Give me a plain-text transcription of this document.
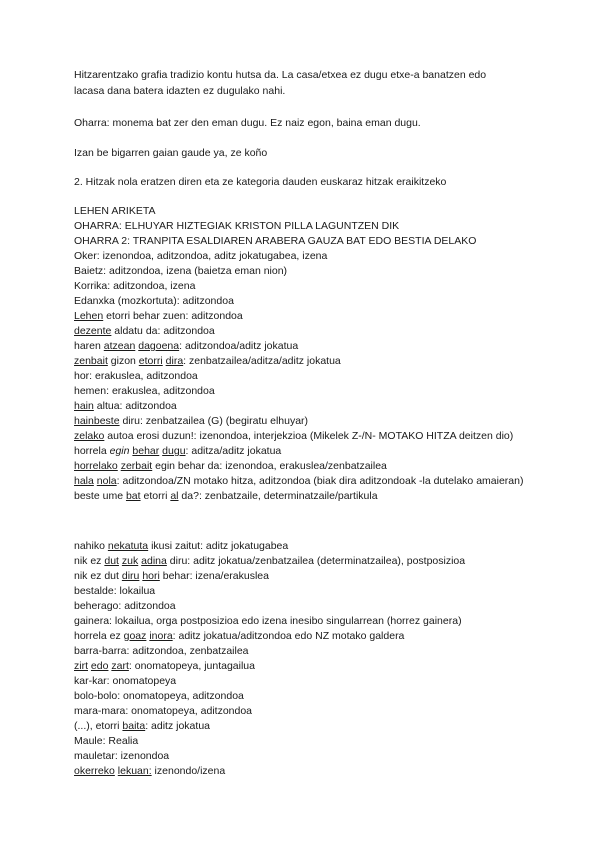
Hitzarentzako grafia tradizio kontu hutsa da. La casa/etxea ez dugu etxe-a banatzen edo
lacasa dana batera idazten ez dugulako nahi.
Oharra: monema bat zer den eman dugu. Ez naiz egon, baina eman dugu.
Izan be bigarren gaian gaude ya, ze koño
2. Hitzak nola eratzen diren eta ze kategoria dauden euskaraz hitzak eraikitzeko
LEHEN ARIKETA
OHARRA: ELHUYAR HIZTEGIAK KRISTON PILLA LAGUNTZEN DIK
OHARRA 2: TRANPITA ESALDIAREN ARABERA GAUZA BAT EDO BESTIA DELAKO
Oker: izenondoa, aditzondoa, aditz jokatugabea, izena
Baietz: aditzondoa, izena (baietza eman nion)
Korrika: aditzondoa, izena
Edanxka (mozkortuta): aditzondoa
Lehen etorri behar zuen: aditzondoa
dezente aldatu da: aditzondoa
haren atzean dagoena: aditzondoa/aditz jokatua
zenbait gizon etorri dira: zenbatzailea/aditza/aditz jokatua
hor: erakuslea, aditzondoa
hemen: erakuslea, aditzondoa
hain altua: aditzondoa
hainbeste diru: zenbatzailea (G) (begiratu elhuyar)
zelako autoa erosi duzun!: izenondoa, interjekzioa (Mikelek Z-/N- MOTAKO HITZA deitzen dio)
horrela egin behar dugu: aditza/aditz jokatua
horrelako zerbait egin behar da: izenondoa, erakuslea/zenbatzailea
hala nola: aditzondoa/ZN motako hitza, aditzondoa (biak dira aditzondoak -la dutelako amaieran)
beste ume bat etorri al da?: zenbatzaile, determinatzaile/partikula
nahiko nekatuta ikusi zaitut: aditz jokatugabea
nik ez dut zuk adina diru: aditz jokatua/zenbatzailea (determinatzailea), postposizioa
nik ez dut diru hori behar: izena/erakuslea
bestalde: lokailua
beherago: aditzondoa
gainera: lokailua, orga postposizioa edo izena inesibo singularrean (horrez gainera)
horrela ez goaz inora: aditz jokatua/aditzondoa edo NZ motako galdera
barra-barra: aditzondoa, zenbatzailea
zirt edo zart: onomatopeya, juntagailua
kar-kar: onomatopeya
bolo-bolo: onomatopeya, aditzondoa
mara-mara: onomatopeya, aditzondoa
(...), etorri baita: aditz jokatua
Maule: Realia
mauletar: izenondoa
okerreko lekuan: izenondo/izena
